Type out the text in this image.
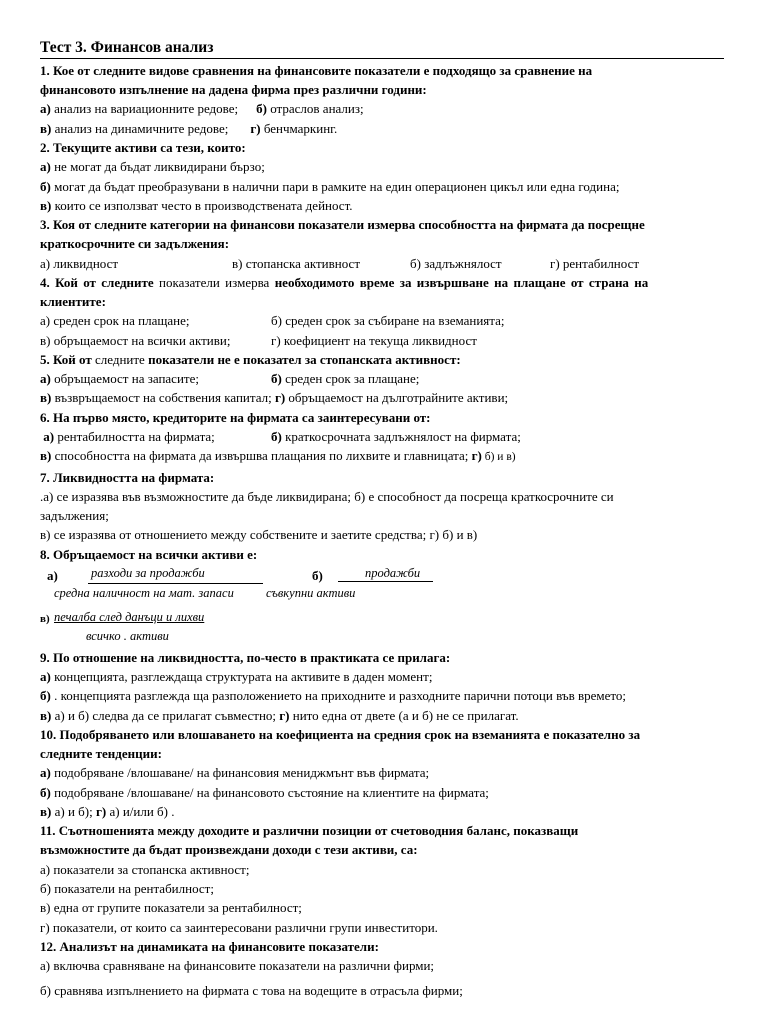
Тест 3. Финансов анализ

1. Кое от следните видове сравнения на финансовите показатели е подходящо за сравнение на

финансовото изпълнение на дадена фирма през различни години:

а) анализ на вариационните редове; б) отраслов анализ;

в) анализ на динамичните редове; г) бенчмаркинг.

2. Текущите активи са тези, които:

а) не могат да бъдат ликвидирани бързо;

б) могат да бъдат преобразувани в налични пари в рамките на един операционен цикъл или една година;

в) които се използват често в производствената дейност.

3. Коя от следните категории на финансови показатели измерва способността на фирмата да посрещне

краткосрочните си задължения:

а) ликвидност	в) стопанска активност	б) задлъжнялост	г) рентабилност

4. Кой от следните показатели измерва необходимото време за извършване на плащане от страна на

клиентите:

а) среден срок на плащане;	б) среден срок за събиране на вземанията;

в) обръщаемост на всички активи;	г) коефициент на текуща ликвидност

5. Кой от следните показатели не е показател за стопанската активност:

а) обръщаемост на запасите;	б) среден срок за плащане;

в) възвръщаемост на собствения капитал; г) обръщаемост на дълготрайните активи;

6. На първо място, кредиторите на фирмата са заинтересувани от:

а) рентабилността на фирмата;	б) краткосрочната задлъжнялост на фирмата;

в) способността на фирмата да извършва плащания по лихвите и главницата; г) б) и в)

7. Ликвидността на фирмата:

.а) се изразява във възможностите да бъде ликвидирана; б) е способност да посреща краткосрочните си

задължения;

в) се изразява от отношението между собствените и заетите средства; г) б) и в)

8. Обръщаемост на всички активи е:

а)	разходи за продажби
средна наличност на мат. запаси
б)	продажби
съвкупни активи
в) печалба след данъци и лихви
всичко . активи

9. По отношение на ликвидността, по-често в практиката се прилага:

а) концепцията, разглеждаща структурата на активите в даден момент;

б) . концепцията разглежда ща разположението на приходните и разходните парични потоци във времето;

в) а) и б) следва да се прилагат съвместно; г) нито една от двете (а и б) не се прилагат.

10. Подобряването или влошаването на коефициента на средния срок на вземанията е показателно за

следните тенденции:

а) подобряване /влошаване/ на финансовия мениджмънт във фирмата;

б) подобряване /влошаване/ на финансовото състояние на клиентите на фирмата;

в) а) и б); г) а) и/или б) .

11. Съотношенията между доходите и различни позиции от счетоводния баланс, показващи

възможностите да бъдат произвеждани доходи с тези активи, са:

а) показатели за стопанска активност;

б) показатели на рентабилност;

в) една от групите показатели за рентабилност;

г) показатели, от които са заинтересовани различни групи инвеститори.

12. Анализът на динамиката на финансовите показатели:

а) включва сравняване на финансовите показатели на различни фирми;

б) сравнява изпълнението на фирмата с това на водещите в отрасъла фирми;
